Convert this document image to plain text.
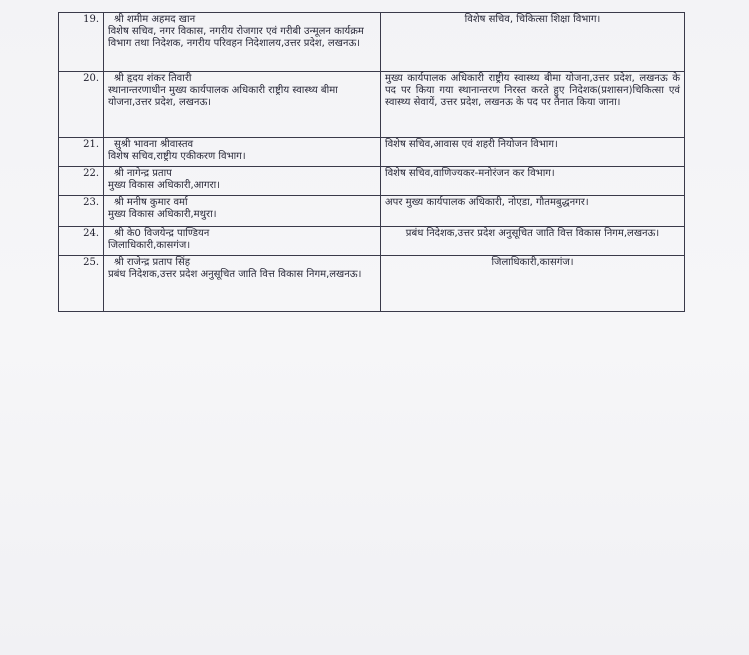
19.	श्री शमीम अहमद खान
विशेष सचिव, नगर विकास, नगरीय रोजगार एवं गरीबी उन्मूलन कार्यक्रम विभाग तथा निदेशक, नगरीय परिवहन निदेशालय,उत्तर प्रदेश, लखनऊ।	विशेष सचिव, चिकित्सा शिक्षा विभाग।
20.	श्री हृदय शंकर तिवारी
स्थानान्तरणाधीन मुख्य कार्यपालक अधिकारी राष्ट्रीय स्वास्थ्य बीमा योजना,उत्तर प्रदेश, लखनऊ।	मुख्य कार्यपालक अधिकारी राष्ट्रीय स्वास्थ्य बीमा योजना,उत्तर प्रदेश, लखनऊ के पद पर किया गया स्थानान्तरण निरस्त करते हुए निदेशक(प्रशासन)चिकित्सा एवं स्वास्थ्य सेवायें, उत्तर प्रदेश, लखनऊ के पद पर तैनात किया जाना।
21.	सुश्री भावना श्रीवास्तव
विशेष सचिव,राष्ट्रीय एकीकरण विभाग।	विशेष सचिव,आवास एवं शहरी नियोजन विभाग।
22.	श्री नागेन्द्र प्रताप
मुख्य विकास अधिकारी,आगरा।	विशेष सचिव,वाणिज्यकर-मनोरंजन कर विभाग।
23.	श्री मनीष कुमार वर्मा
मुख्य विकास अधिकारी,मथुरा।	अपर मुख्य कार्यपालक अधिकारी, नोएडा, गौतमबुद्धनगर।
24.	श्री के0 विजयेन्द्र पाण्डियन
जिलाधिकारी,कासगंज।	प्रबंध निदेशक,उत्तर प्रदेश अनुसूचित जाति वित्त विकास निगम,लखनऊ।
25.	श्री राजेन्द्र प्रताप सिंह
प्रबंध निदेशक,उत्तर प्रदेश अनुसूचित जाति वित्त विकास निगम,लखनऊ।	जिलाधिकारी,कासगंज।
